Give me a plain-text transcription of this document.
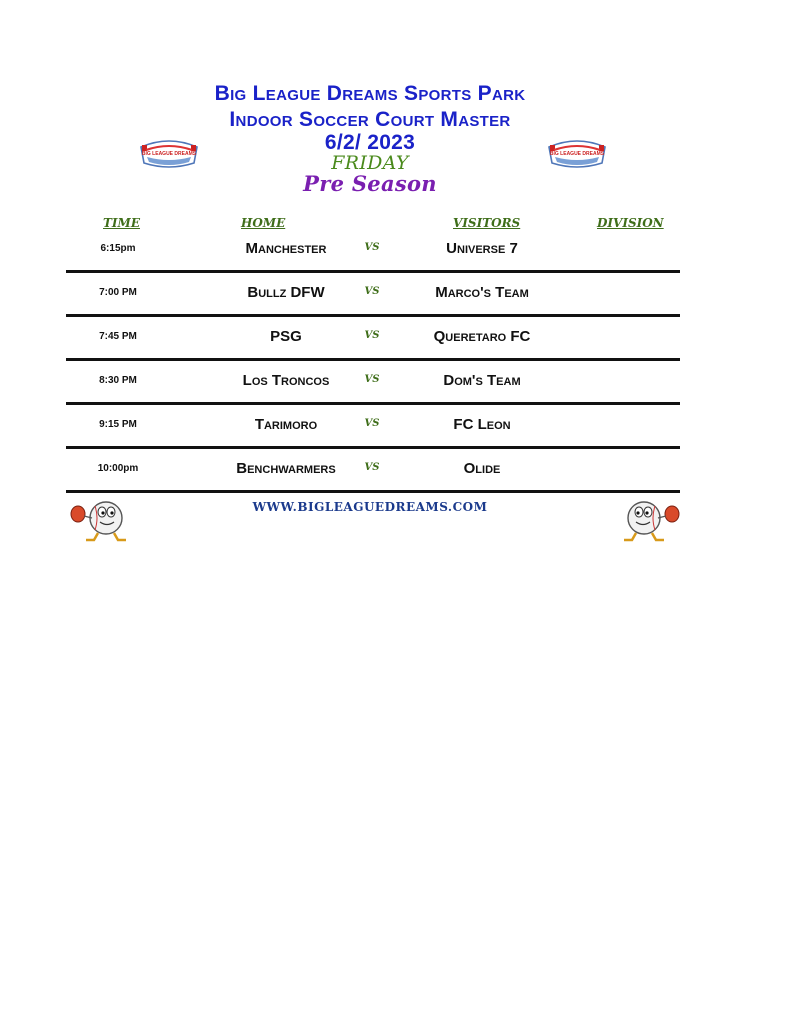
Big League Dreams Sports Park
Indoor Soccer Court Master
6/2/ 2023
FRIDAY
Pre Season
BIG LEAGUE DREAMS	BIG LEAGUE DREAMS
TIME	HOME	VISITORS	DIVISION
6:15pm	Manchester	VS	Universe 7
7:00 PM	Bullz DFW	VS	Marco's Team
7:45 PM	PSG	VS	Queretaro FC
8:30 PM	Los Troncos	VS	Dom's Team
9:15 PM	Tarimoro	VS	FC Leon
10:00pm	Benchwarmers	VS	Olide
WWW.BIGLEAGUEDREAMS.COM
